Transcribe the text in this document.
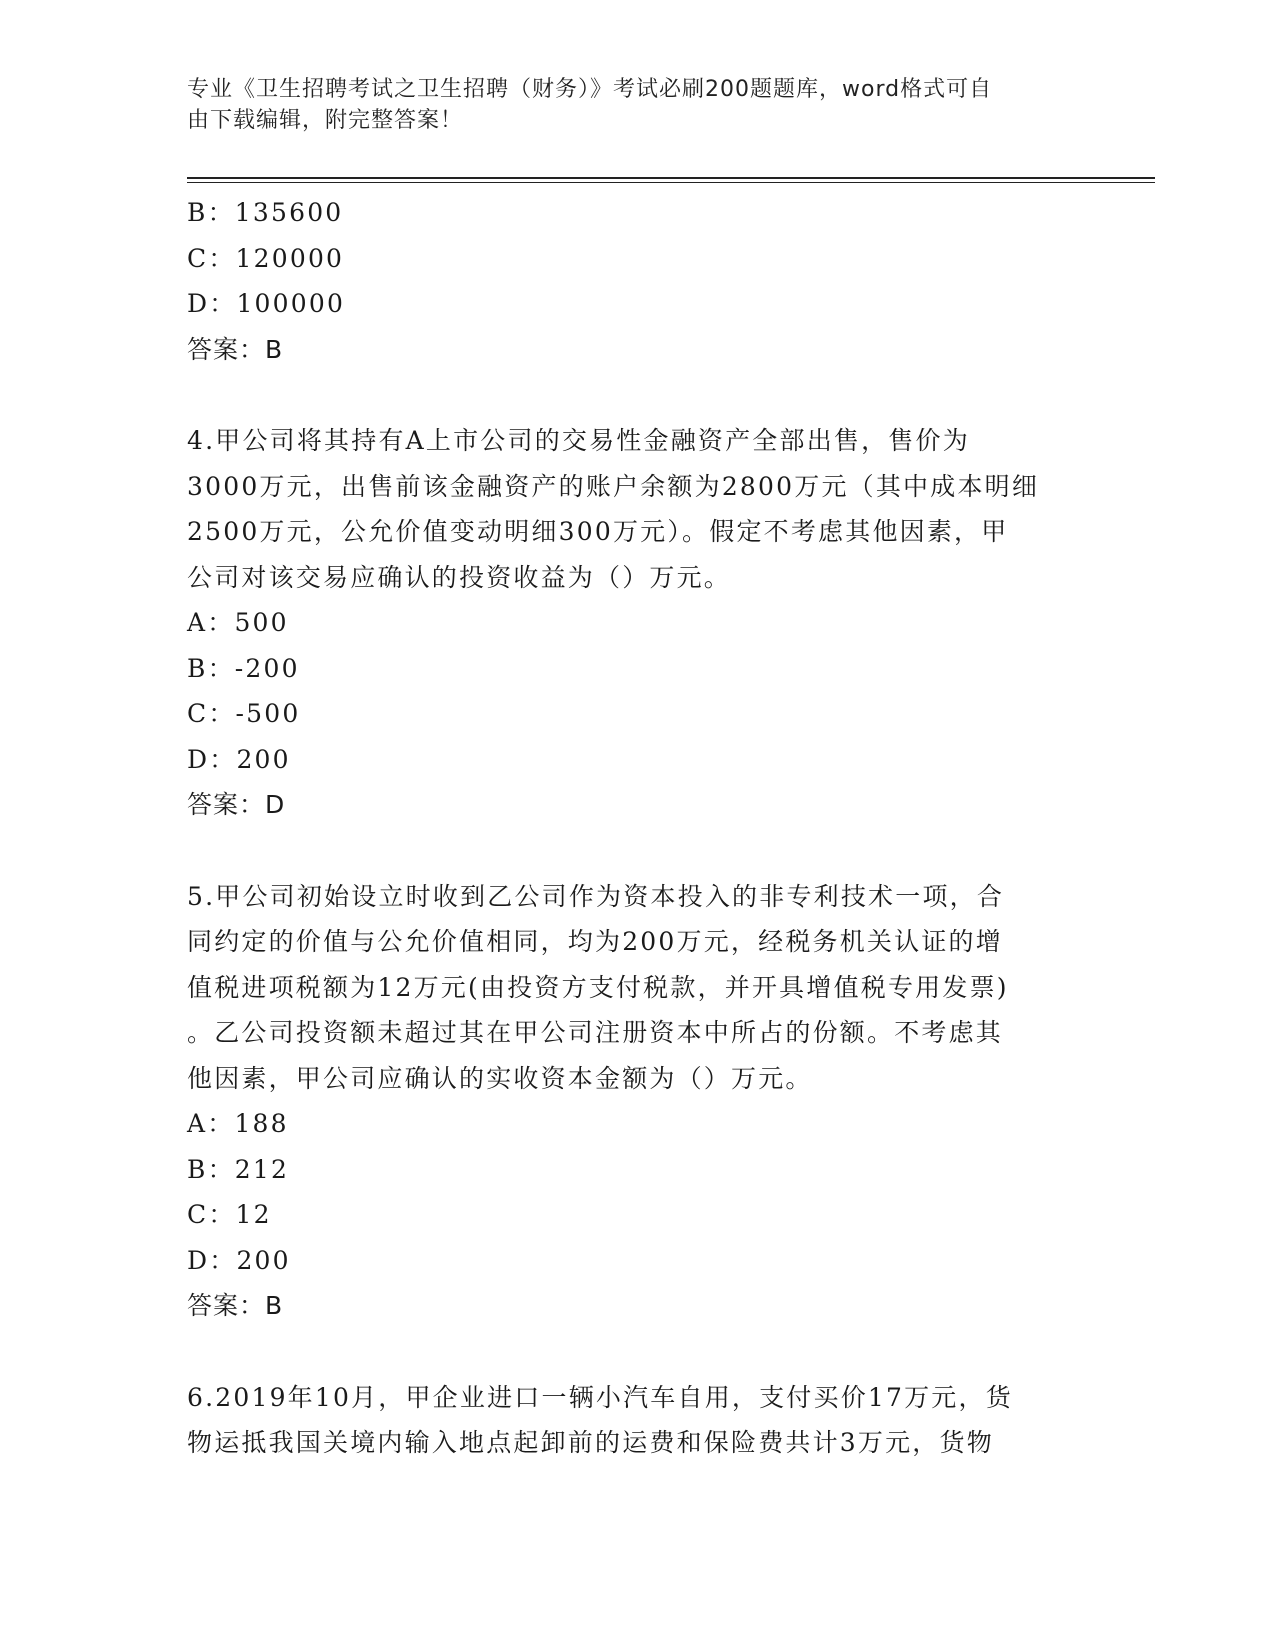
专业《卫生招聘考试之卫生招聘（财务）》考试必刷200题题库，word格式可自
由下载编辑，附完整答案！
B：135600
C：120000
D：100000
答案：B
4.甲公司将其持有A上市公司的交易性金融资产全部出售，售价为
3000万元，出售前该金融资产的账户余额为2800万元（其中成本明细
2500万元，公允价值变动明细300万元）。假定不考虑其他因素，甲
公司对该交易应确认的投资收益为（）万元。
A：500
B：-200
C：-500
D：200
答案：D
5.甲公司初始设立时收到乙公司作为资本投入的非专利技术一项，合
同约定的价值与公允价值相同，均为200万元，经税务机关认证的增
值税进项税额为12万元(由投资方支付税款，并开具增值税专用发票)
。乙公司投资额未超过其在甲公司注册资本中所占的份额。不考虑其
他因素，甲公司应确认的实收资本金额为（）万元。
A：188
B：212
C：12
D：200
答案：B
6.2019年10月，甲企业进口一辆小汽车自用，支付买价17万元，货
物运抵我国关境内输入地点起卸前的运费和保险费共计3万元，货物
